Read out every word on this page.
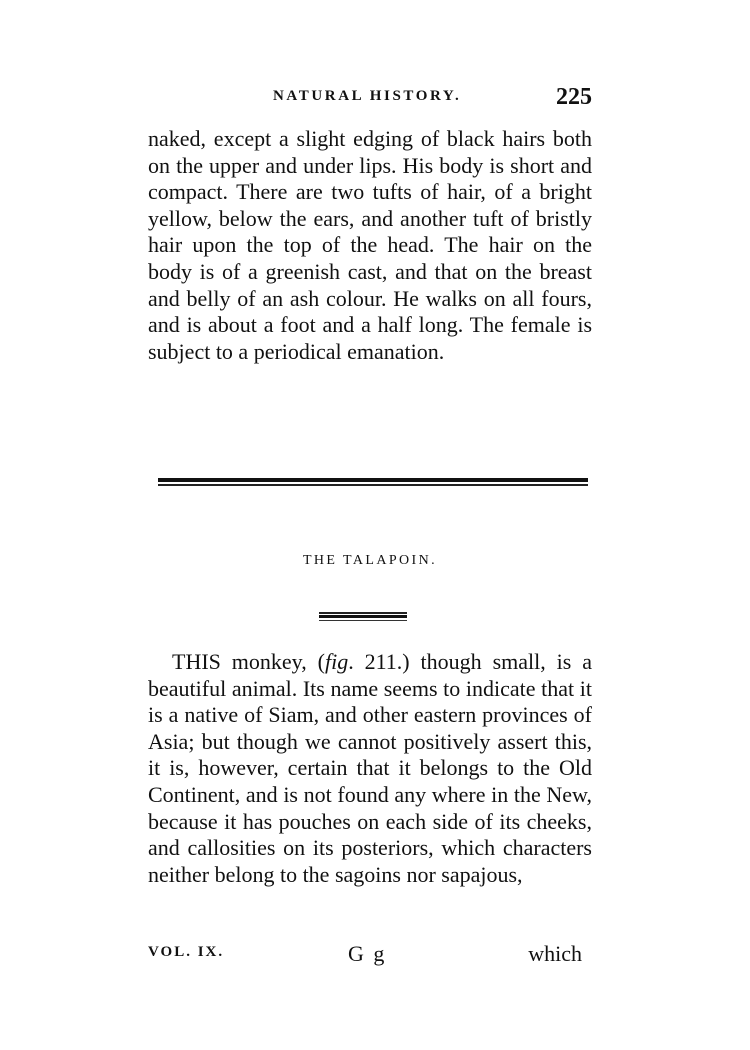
NATURAL HISTORY.	225

naked, except a slight edging of black hairs both on the upper and under lips. His body is short and compact. There are two tufts of hair, of a bright yellow, below the ears, and another tuft of bristly hair upon the top of the head. The hair on the body is of a greenish cast, and that on the breast and belly of an ash colour. He walks on all fours, and is about a foot and a half long. The female is subject to a periodical emanation.

THE TALAPOIN.

THIS monkey, (fig. 211.) though small, is a beautiful animal. Its name seems to indicate that it is a native of Siam, and other eastern provinces of Asia; but though we cannot positively assert this, it is, however, certain that it belongs to the Old Continent, and is not found any where in the New, because it has pouches on each side of its cheeks, and callosities on its posteriors, which characters neither belong to the sagoins nor sapajous,

VOL. IX.	G g	which
